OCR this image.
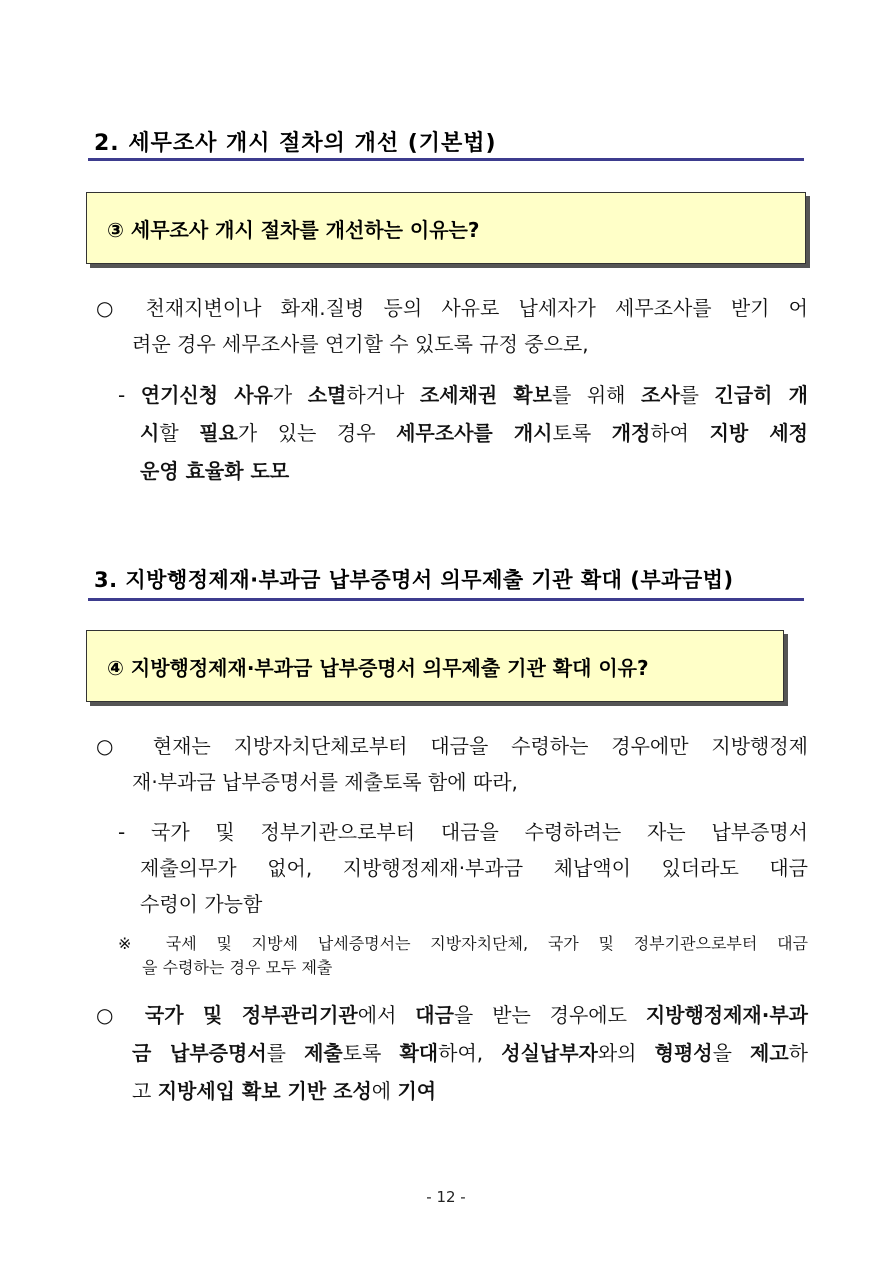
2. 세무조사 개시 절차의 개선 (기본법)
③ 세무조사 개시 절차를 개선하는 이유는?
○ 천재지변이나 화재.질병 등의 사유로 납세자가 세무조사를 받기 어
려운 경우 세무조사를 연기할 수 있도록 규정 중으로,
- 연기신청 사유가 소멸하거나 조세채권 확보를 위해 조사를 긴급히 개
시할 필요가 있는 경우 세무조사를 개시토록 개정하여 지방 세정
운영 효율화 도모
3. 지방행정제재·부과금 납부증명서 의무제출 기관 확대 (부과금법)
④ 지방행정제재·부과금 납부증명서 의무제출 기관 확대 이유?
○ 현재는 지방자치단체로부터 대금을 수령하는 경우에만 지방행정제
재·부과금 납부증명서를 제출토록 함에 따라,
- 국가 및 정부기관으로부터 대금을 수령하려는 자는 납부증명서
제출의무가 없어, 지방행정제재·부과금 체납액이 있더라도 대금
수령이 가능함
※ 국세 및 지방세 납세증명서는 지방자치단체, 국가 및 정부기관으로부터 대금
을 수령하는 경우 모두 제출
○ 국가 및 정부관리기관에서 대금을 받는 경우에도 지방행정제재·부과
금 납부증명서를 제출토록 확대하여, 성실납부자와의 형평성을 제고하
고 지방세입 확보 기반 조성에 기여
- 12 -
